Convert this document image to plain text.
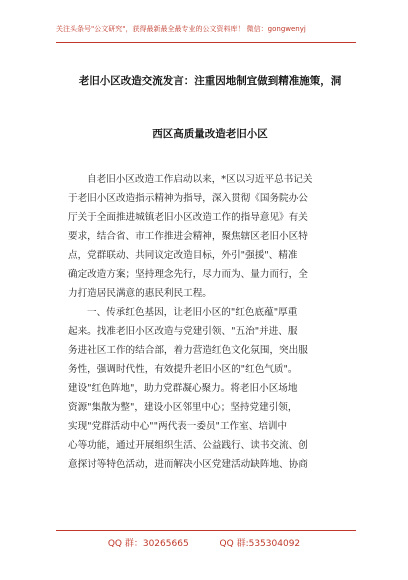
关注头条号"公文研究"，获得最新最全最专业的公文资料库！ 微信：gongwenyj
老旧小区改造交流发言：注重因地制宜做到精准施策，洞
西区高质量改造老旧小区
自老旧小区改造工作启动以来，*区以习近平总书记关
于老旧小区改造指示精神为指导，深入贯彻《国务院办公
厅关于全面推进城镇老旧小区改造工作的指导意见》有关
要求，结合省、市工作推进会精神，聚焦辖区老旧小区特
点，党群联动、共同议定改造目标，外引"强援"、精准
确定改造方案；坚持理念先行，尽力而为、量力而行，全
力打造居民满意的惠民利民工程。
一、传承红色基因，让老旧小区的"红色底蕴"厚重
起来。找准老旧小区改造与党建引领、"五治"并进、服
务进社区工作的结合部，着力营造红色文化氛围，突出服
务性，强调时代性，有效提升老旧小区的"红色气质"。
建设"红色阵地"，助力党群凝心聚力。将老旧小区场地
资源"集散为整"，建设小区邻里中心；坚持党建引领，
实现"党群活动中心""两代表一委员"工作室、培训中
心等功能，通过开展组织生活、公益践行、读书交流、创
意探讨等特色活动，进而解决小区党建活动缺阵地、协商
QQ 群：30265665	QQ 群:535304092
